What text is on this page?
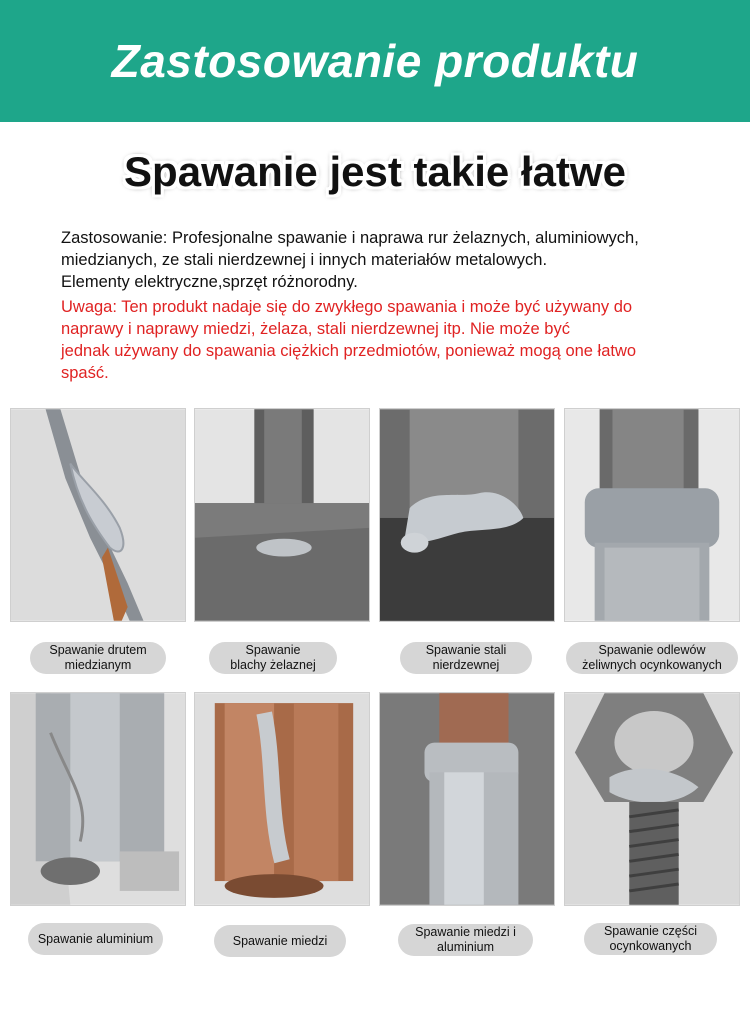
Zastosowanie produktu
Spawanie jest takie łatwe
Zastosowanie: Profesjonalne spawanie i naprawa rur żelaznych, aluminiowych,
miedzianych, ze stali nierdzewnej i innych materiałów metalowych.
Elementy elektryczne,sprzęt różnorodny.
Uwaga: Ten produkt nadaje się do zwykłego spawania i może być używany do
naprawy i naprawy miedzi, żelaza, stali nierdzewnej itp. Nie może być
jednak używany do spawania ciężkich przedmiotów, ponieważ mogą one łatwo
spaść.
Spawanie drutem
miedzianym
Spawanie
blachy żelaznej
Spawanie stali
nierdzewnej
Spawanie odlewów
żeliwnych ocynkowanych
Spawanie aluminium	Spawanie miedzi
Spawanie miedzi i
aluminium
Spawanie części
ocynkowanych
